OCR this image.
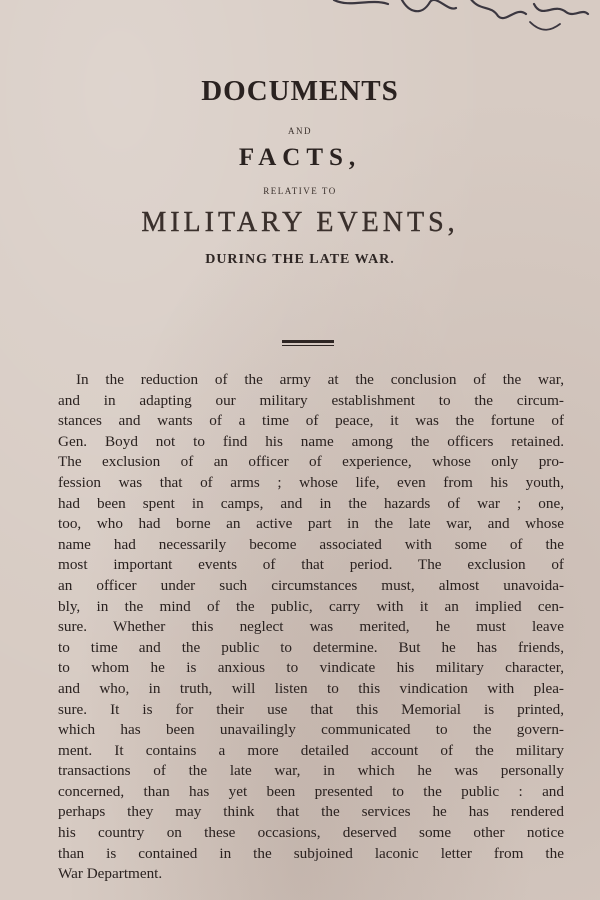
DOCUMENTS
AND
FACTS,
RELATIVE TO
MILITARY EVENTS,
DURING THE LATE WAR.
In the reduction of the army at the conclusion of the war,
and in adapting our military establishment to the circum-
stances and wants of a time of peace, it was the fortune of
Gen. Boyd not to find his name among the officers retained.
The exclusion of an officer of experience, whose only pro-
fession was that of arms ; whose life, even from his youth,
had been spent in camps, and in the hazards of war ; one,
too, who had borne an active part in the late war, and whose
name had necessarily become associated with some of the
most important events of that period. The exclusion of
an officer under such circumstances must, almost unavoida-
bly, in the mind of the public, carry with it an implied cen-
sure. Whether this neglect was merited, he must leave
to time and the public to determine. But he has friends,
to whom he is anxious to vindicate his military character,
and who, in truth, will listen to this vindication with plea-
sure. It is for their use that this Memorial is printed,
which has been unavailingly communicated to the govern-
ment. It contains a more detailed account of the military
transactions of the late war, in which he was personally
concerned, than has yet been presented to the public : and
perhaps they may think that the services he has rendered
his country on these occasions, deserved some other notice
than is contained in the subjoined laconic letter from the
War Department.
